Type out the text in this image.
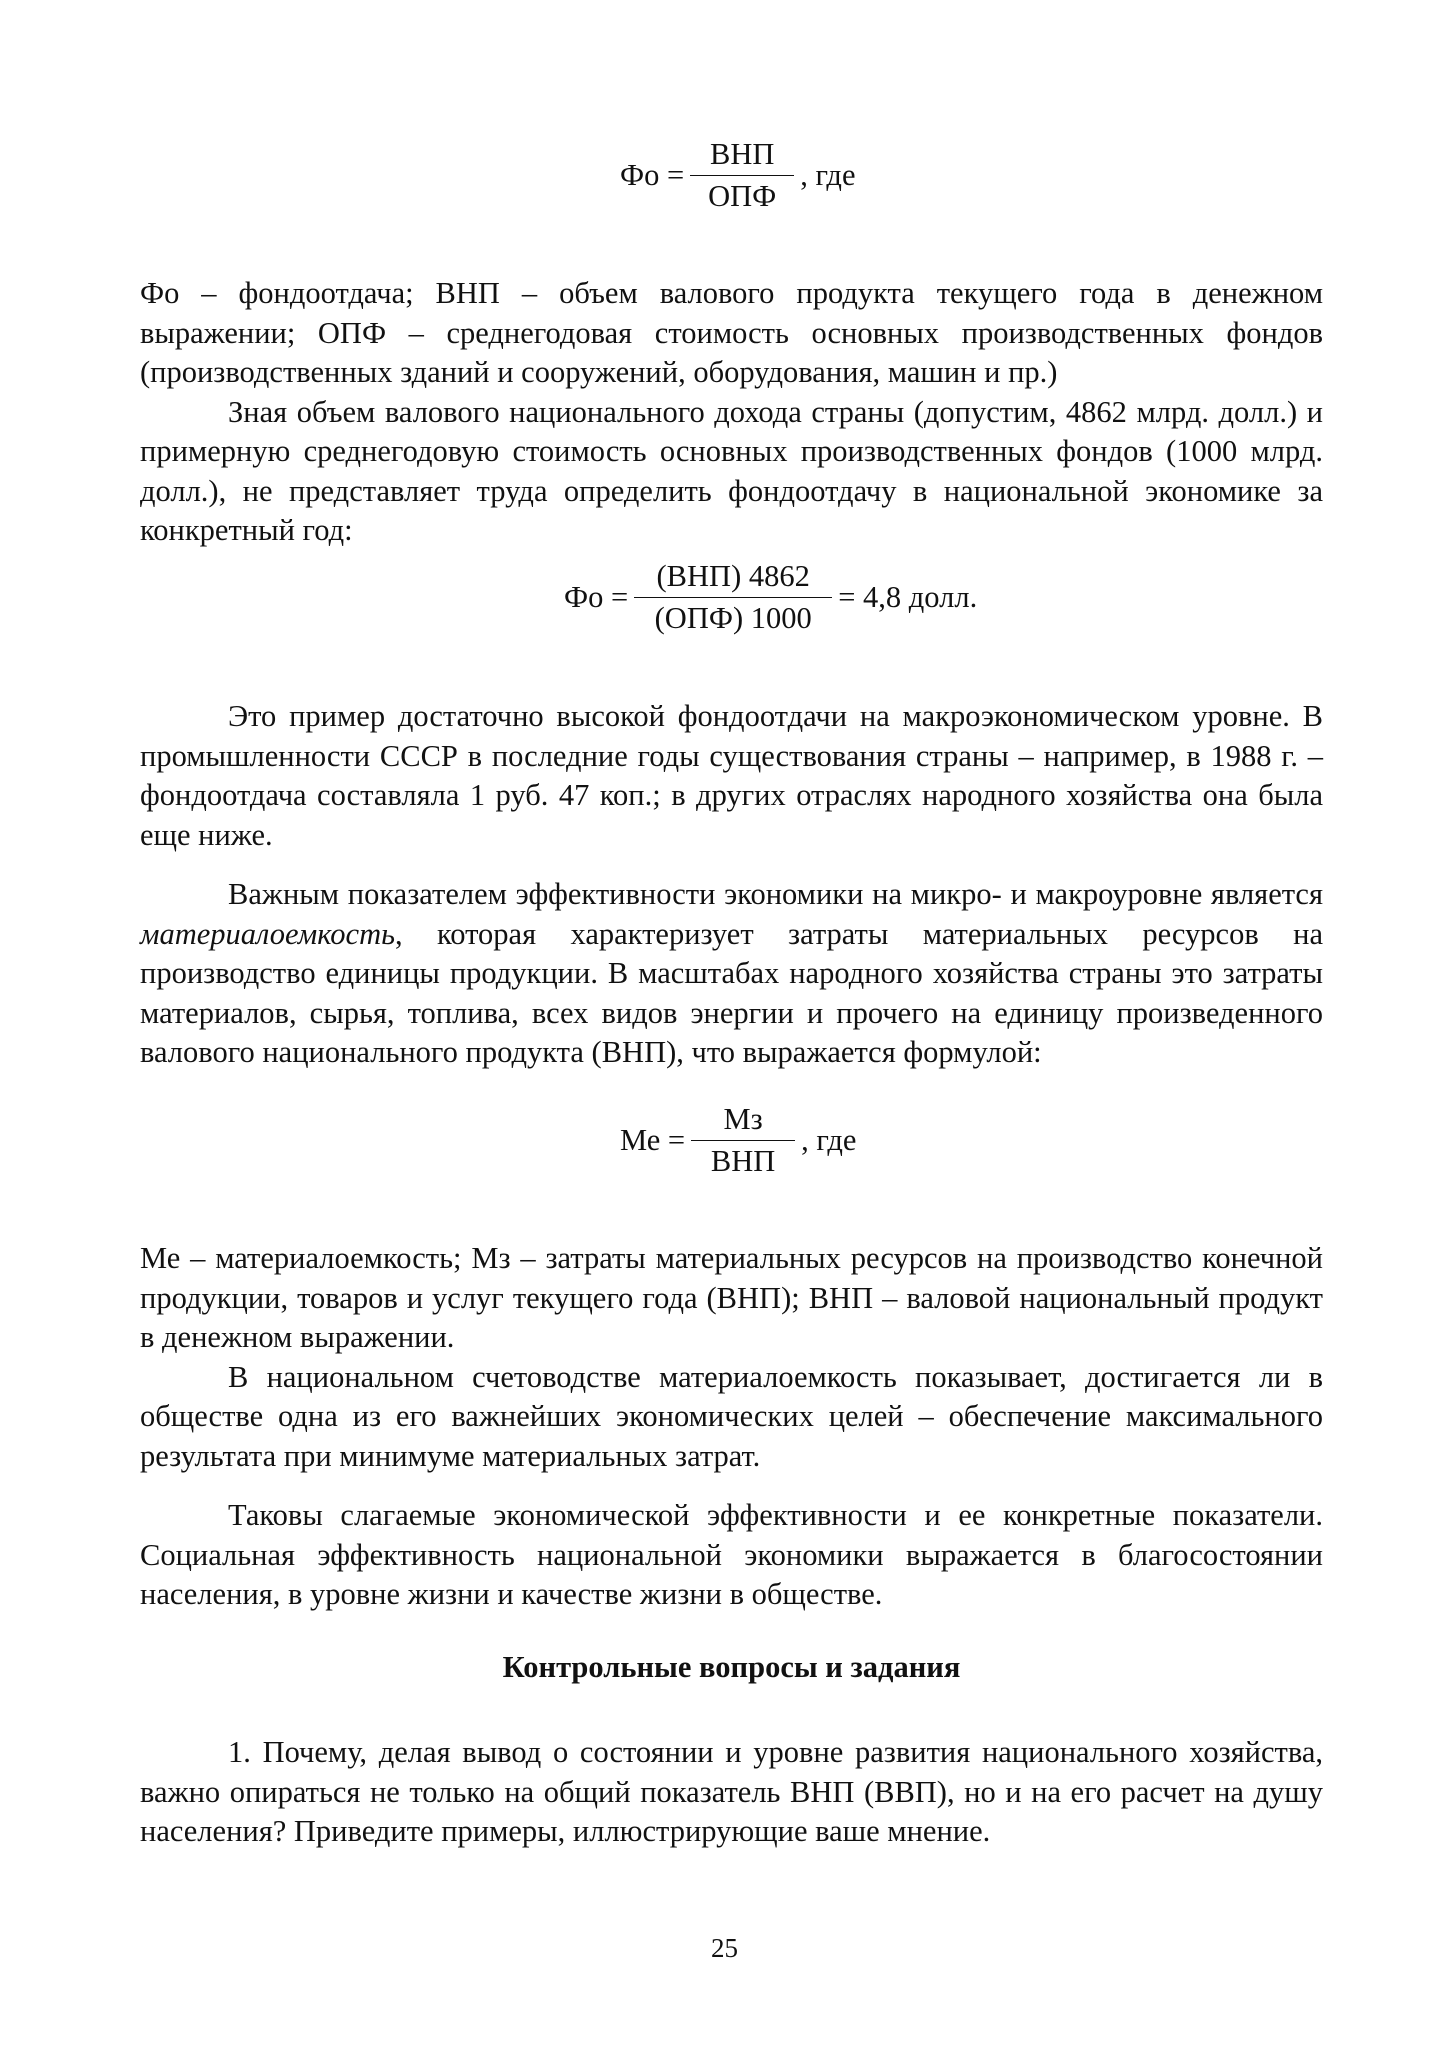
Фо = $\frac{\text{ВНП}}{\text{ОПФ}}$ , где

Фо – фондоотдача; ВНП – объем валового продукта текущего года в денежном выражении; ОПФ – среднегодовая стоимость основных производственных фондов (производственных зданий и сооружений, оборудования, машин и пр.)

Зная объем валового национального дохода страны (допустим, 4862 млрд. долл.) и примерную среднегодовую стоимость основных производственных фондов (1000 млрд. долл.), не представляет труда определить фондоотдачу в национальной экономике за конкретный год:

Фо = $\frac{\text{(ВНП) 4862}}{\text{(ОПФ) 1000}} = 4,8$ долл.

Это пример достаточно высокой фондоотдачи на макроэкономическом уровне. В промышленности СССР в последние годы существования страны – например, в 1988 г. – фондоотдача составляла 1 руб. 47 коп.; в других отраслях народного хозяйства она была еще ниже.

Важным показателем эффективности экономики на микро- и макроуровне является материалоемкость, которая характеризует затраты материальных ресурсов на производство единицы продукции. В масштабах народного хозяйства страны это затраты материалов, сырья, топлива, всех видов энергии и прочего на единицу произведенного валового национального продукта (ВНП), что выражается формулой:

Ме = $\frac{Мз}{\text{ВНП}}$ , где

Ме – материалоемкость; Мз – затраты материальных ресурсов на производство конечной продукции, товаров и услуг текущего года (ВНП); ВНП – валовой национальный продукт в денежном выражении.

В национальном счетоводстве материалоемкость показывает, достигается ли в обществе одна из его важнейших экономических целей – обеспечение максимального результата при минимуме материальных затрат.

Таковы слагаемые экономической эффективности и ее конкретные показатели. Социальная эффективность национальной экономики выражается в благосостоянии населения, в уровне жизни и качестве жизни в обществе.

Контрольные вопросы и задания

1. Почему, делая вывод о состоянии и уровне развития национального хозяйства, важно опираться не только на общий показатель ВНП (ВВП), но и на его расчет на душу населения? Приведите примеры, иллюстрирующие ваше мнение.

25
